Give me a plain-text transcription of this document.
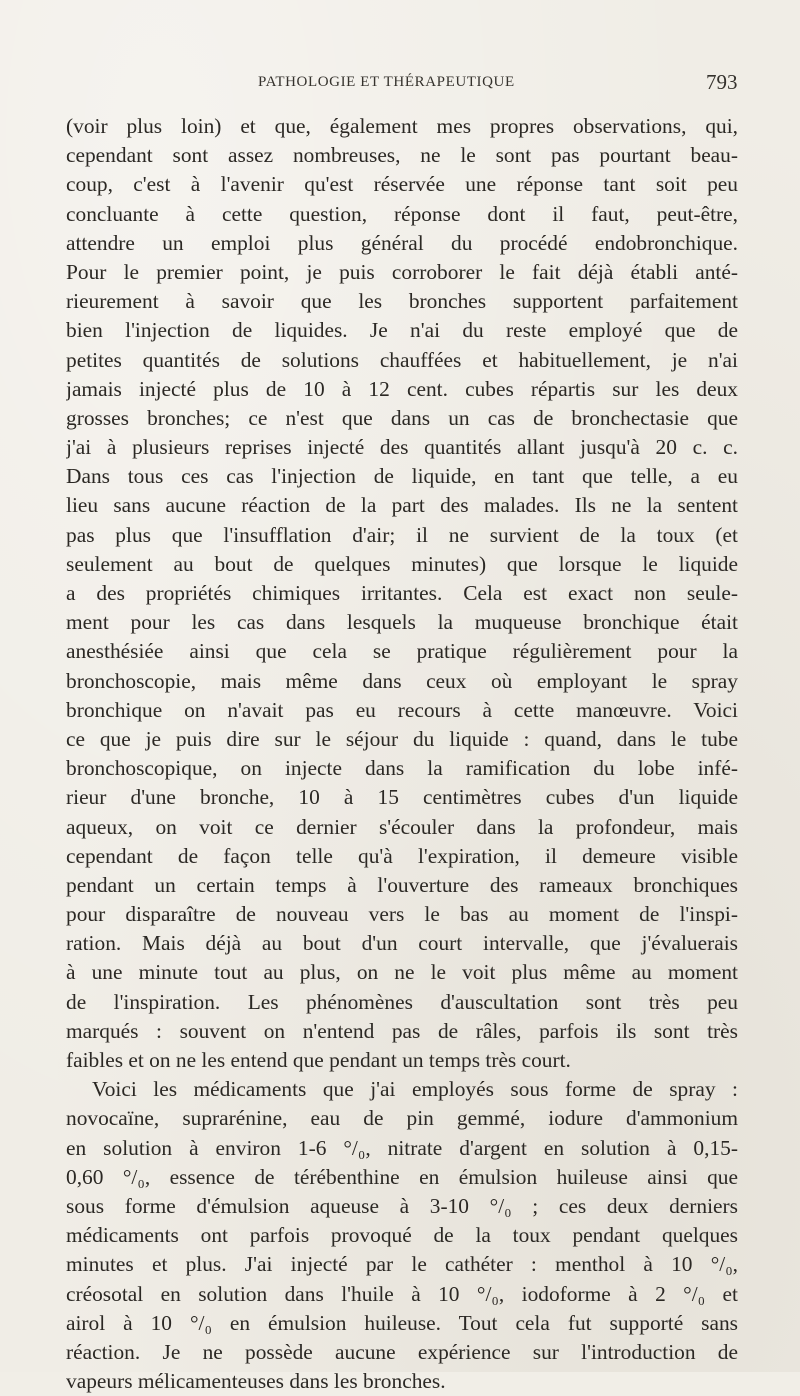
PATHOLOGIE ET THÉRAPEUTIQUE	793
(voir plus loin) et que, également mes propres observations, qui,
cependant sont assez nombreuses, ne le sont pas pourtant beau-
coup, c'est à l'avenir qu'est réservée une réponse tant soit peu
concluante à cette question, réponse dont il faut, peut-être,
attendre un emploi plus général du procédé endobronchique.
Pour le premier point, je puis corroborer le fait déjà établi anté-
rieurement à savoir que les bronches supportent parfaitement
bien l'injection de liquides. Je n'ai du reste employé que de
petites quantités de solutions chauffées et habituellement, je n'ai
jamais injecté plus de 10 à 12 cent. cubes répartis sur les deux
grosses bronches; ce n'est que dans un cas de bronchectasie que
j'ai à plusieurs reprises injecté des quantités allant jusqu'à 20 c. c.
Dans tous ces cas l'injection de liquide, en tant que telle, a eu
lieu sans aucune réaction de la part des malades. Ils ne la sentent
pas plus que l'insufflation d'air; il ne survient de la toux (et
seulement au bout de quelques minutes) que lorsque le liquide
a des propriétés chimiques irritantes. Cela est exact non seule-
ment pour les cas dans lesquels la muqueuse bronchique était
anesthésiée ainsi que cela se pratique régulièrement pour la
bronchoscopie, mais même dans ceux où employant le spray
bronchique on n'avait pas eu recours à cette manœuvre. Voici
ce que je puis dire sur le séjour du liquide : quand, dans le tube
bronchoscopique, on injecte dans la ramification du lobe infé-
rieur d'une bronche, 10 à 15 centimètres cubes d'un liquide
aqueux, on voit ce dernier s'écouler dans la profondeur, mais
cependant de façon telle qu'à l'expiration, il demeure visible
pendant un certain temps à l'ouverture des rameaux bronchiques
pour disparaître de nouveau vers le bas au moment de l'inspi-
ration. Mais déjà au bout d'un court intervalle, que j'évaluerais
à une minute tout au plus, on ne le voit plus même au moment
de l'inspiration. Les phénomènes d'auscultation sont très peu
marqués : souvent on n'entend pas de râles, parfois ils sont très
faibles et on ne les entend que pendant un temps très court.
Voici les médicaments que j'ai employés sous forme de spray :
novocaïne, suprarénine, eau de pin gemmé, iodure d'ammonium
en solution à environ 1-6 °/₀, nitrate d'argent en solution à 0,15-
0,60 °/₀, essence de térébenthine en émulsion huileuse ainsi que
sous forme d'émulsion aqueuse à 3-10 °/₀ ; ces deux derniers
médicaments ont parfois provoqué de la toux pendant quelques
minutes et plus. J'ai injecté par le cathéter : menthol à 10 °/₀,
créosotal en solution dans l'huile à 10 °/₀, iodoforme à 2 °/₀ et
airol à 10 °/₀ en émulsion huileuse. Tout cela fut supporté sans
réaction. Je ne possède aucune expérience sur l'introduction de
vapeurs mélicamenteuses dans les bronches.
